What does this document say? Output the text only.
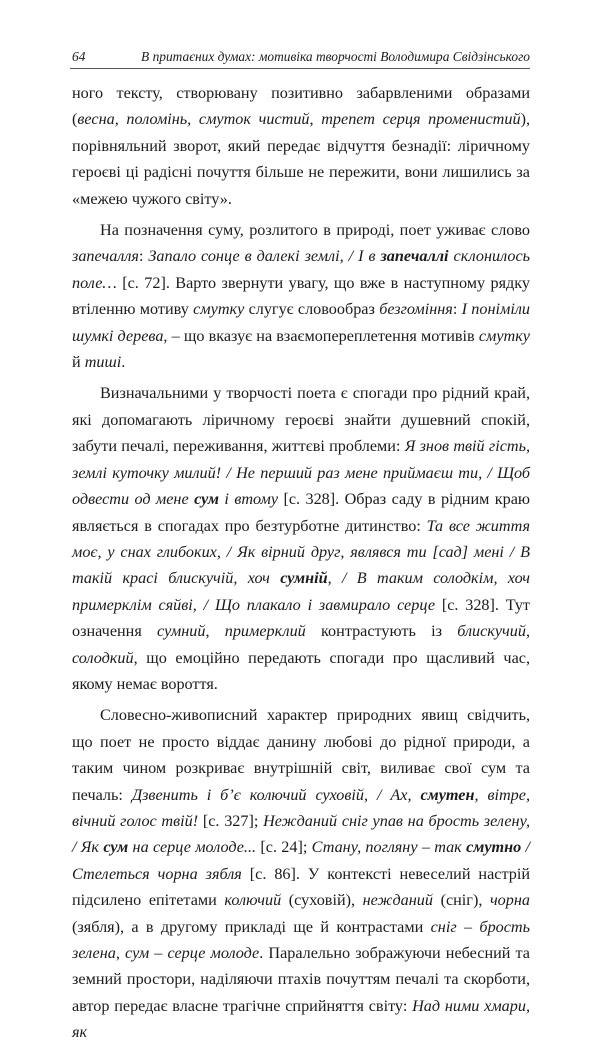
64	В притаєних думах: мотивіка творчості Володимира Свідзінського

ного тексту, створювану позитивно забарвленими образами (весна, поломінь, смуток чистий, трепет серця променистий), порівняльний зворот, який передає відчуття безнадії: ліричному героєві ці радісні почуття більше не пережити, вони лишились за «межею чужого світу».

На позначення суму, розлитого в природі, поет уживає слово запечалля: Запало сонце в далекі землі, / І в запечаллі склонилось поле… [с. 72]. Варто звернути увагу, що вже в наступному рядку втіленню мотиву смутку слугує словообраз безгоміння: І поніміли шумкі дерева, – що вказує на взаємопереплетення мотивів смутку й тиші.

Визначальними у творчості поета є спогади про рідний край, які допомагають ліричному героєві знайти душевний спокій, забути печалі, переживання, життєві проблеми: Я знов твій гість, землі куточку милий! / Не перший раз мене приймаєш ти, / Щоб одвести од мене сум і втому [с. 328]. Образ саду в рідним краю являється в спогадах про безтурботне дитинство: Та все життя моє, у снах глибоких, / Як вірний друг, являвся ти [сад] мені / В такій красі блискучій, хоч сумній, / В таким солодкім, хоч примерклім сяйві, / Що плакало і завмирало серце [с. 328]. Тут означення сумний, примерклий контрастують із блискучий, солодкий, що емоційно передають спогади про щасливий час, якому немає вороття.

Словесно-живописний характер природних явищ свідчить, що поет не просто віддає данину любові до рідної природи, а таким чином розкриває внутрішній світ, виливає свої сум та печаль: Дзвенить і б’є колючий суховій, / Ах, смутен, вітре, вічний голос твій! [с. 327]; Нежданий сніг упав на брость зелену, / Як сум на серце молоде... [с. 24]; Стану, погляну – так смутно / Стелеться чорна зябля [с. 86]. У контексті невеселий настрій підсилено епітетами колючий (суховій), нежданий (сніг), чорна (зябля), а в другому прикладі ще й контрастами сніг – брость зелена, сум – серце молоде. Паралельно зображуючи небесний та земний простори, наділяючи птахів почуттям печалі та скорботи, автор передає власне трагічне сприйняття світу: Над ними хмари, як
